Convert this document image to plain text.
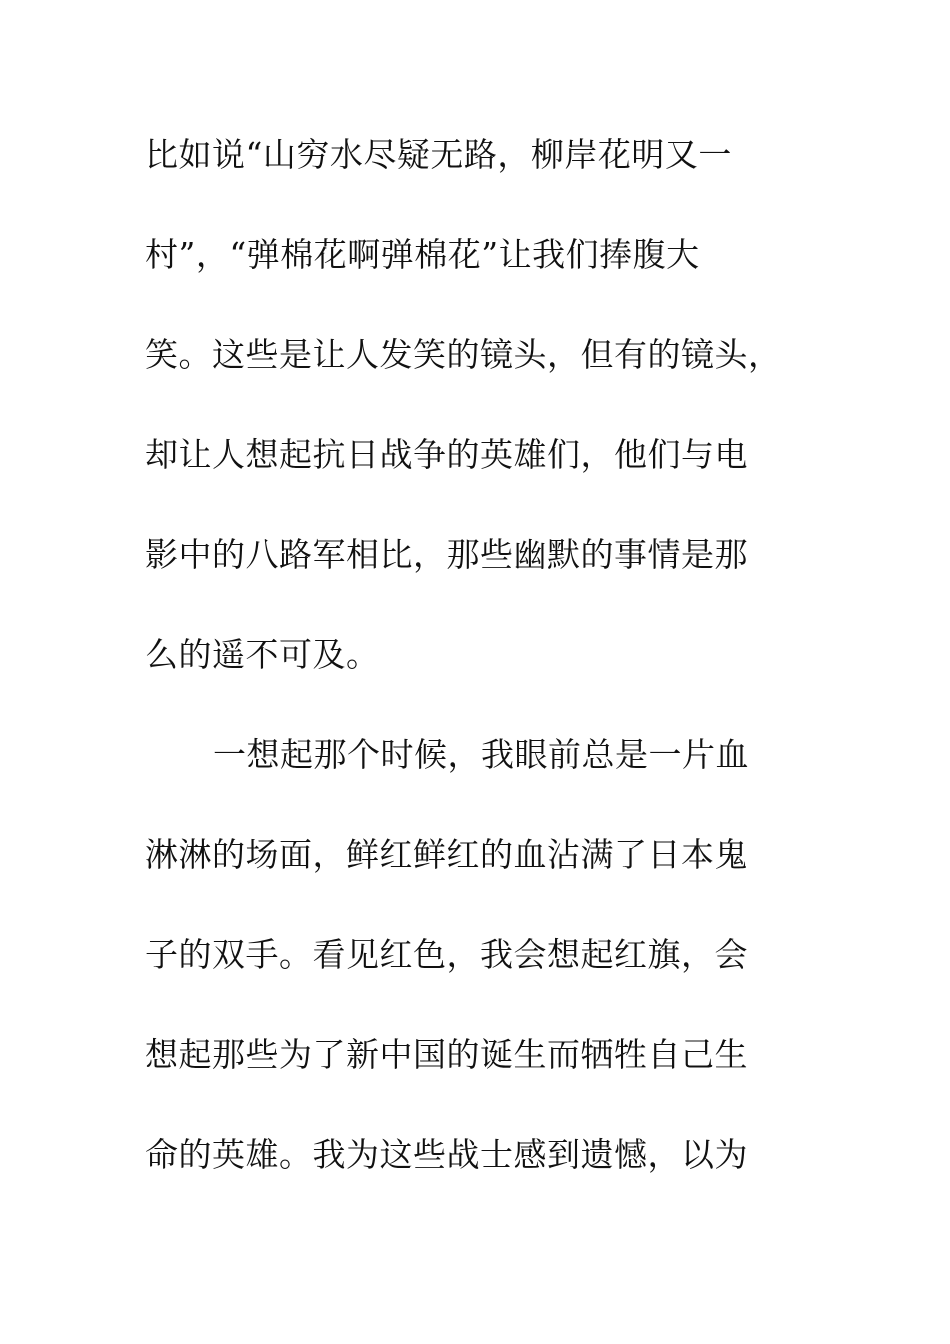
比如说“山穷水尽疑无路，柳岸花明又一
村”，“弹棉花啊弹棉花”让我们捧腹大
笑。这些是让人发笑的镜头，但有的镜头，
却让人想起抗日战争的英雄们，他们与电
影中的八路军相比，那些幽默的事情是那
么的遥不可及。
一想起那个时候，我眼前总是一片血
淋淋的场面，鲜红鲜红的血沾满了日本鬼
子的双手。看见红色，我会想起红旗，会
想起那些为了新中国的诞生而牺牲自己生
命的英雄。我为这些战士感到遗憾，以为
